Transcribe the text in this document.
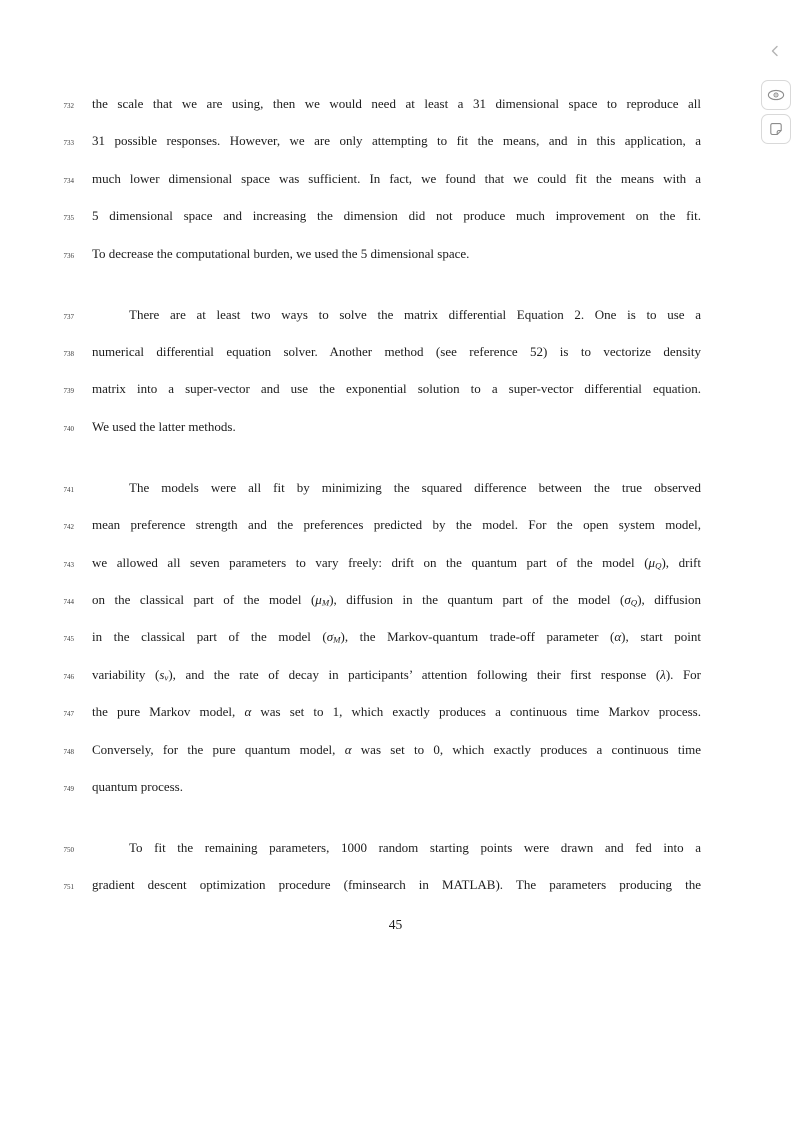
732 the scale that we are using, then we would need at least a 31 dimensional space to reproduce all
733 31 possible responses. However, we are only attempting to fit the means, and in this application, a
734 much lower dimensional space was sufficient. In fact, we found that we could fit the means with a
735 5 dimensional space and increasing the dimension did not produce much improvement on the fit.
736 To decrease the computational burden, we used the 5 dimensional space.
737	There are at least two ways to solve the matrix differential Equation 2. One is to use a
738 numerical differential equation solver. Another method (see reference 52) is to vectorize density
739 matrix into a super-vector and use the exponential solution to a super-vector differential equation.
740 We used the latter methods.
741	The models were all fit by minimizing the squared difference between the true observed
742 mean preference strength and the preferences predicted by the model. For the open system model,
743 we allowed all seven parameters to vary freely: drift on the quantum part of the model (μQ), drift
744 on the classical part of the model (μM), diffusion in the quantum part of the model (σQ), diffusion
745 in the classical part of the model (σM), the Markov-quantum trade-off parameter (α), start point
746 variability (sv), and the rate of decay in participants’ attention following their first response (λ). For
747 the pure Markov model, α was set to 1, which exactly produces a continuous time Markov process.
748 Conversely, for the pure quantum model, α was set to 0, which exactly produces a continuous time
749 quantum process.
750	To fit the remaining parameters, 1000 random starting points were drawn and fed into a
751 gradient descent optimization procedure (fminsearch in MATLAB). The parameters producing the
45
